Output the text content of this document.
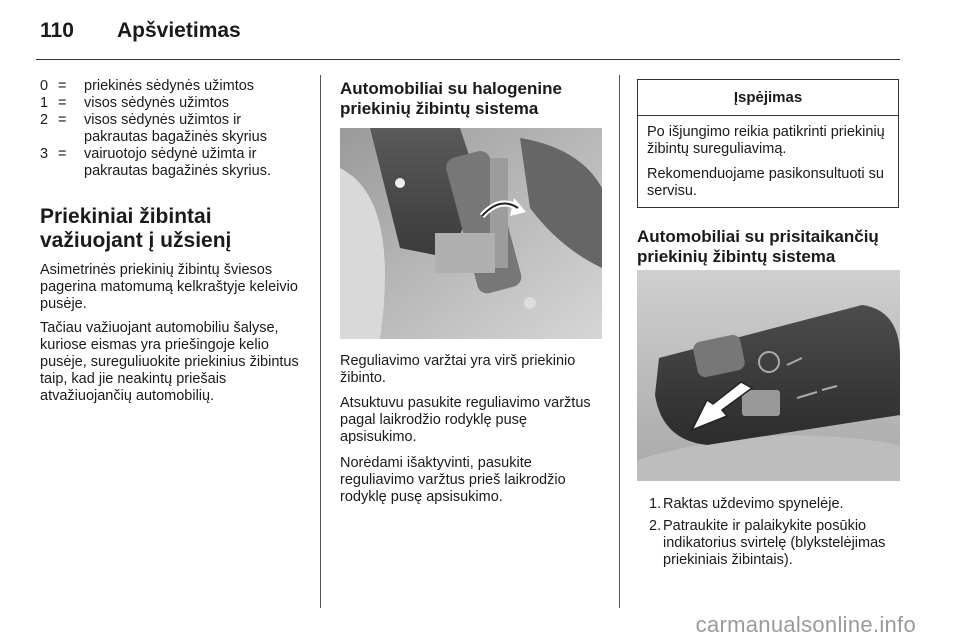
110 Apšvietimas
0 = priekinės sėdynės užimtos
1 = visos sėdynės užimtos
2 = visos sėdynės užimtos ir pakrautas bagažinės skyrius
3 = vairuotojo sėdynė užimta ir pakrautas bagažinės skyrius.
Priekiniai žibintai važiuojant į užsienį

Asimetrinės priekinių žibintų šviesos pagerina matomumą kelkraštyje keleivio pusėje.

Tačiau važiuojant automobiliu šalyse, kuriose eismas yra priešingoje kelio pusėje, sureguliuokite priekinius žibintus taip, kad jie neakintų priešais atvažiuojančių automobilių.

Automobiliai su halogenine priekinių žibintų sistema

Reguliavimo varžtai yra virš priekinio žibinto.

Atsuktuvu pasukite reguliavimo varžtus pagal laikrodžio rodyklę pusę apsisukimo.

Norėdami išaktyvinti, pasukite reguliavimo varžtus prieš laikrodžio rodyklę pusę apsisukimo.

Įspėjimas
Po išjungimo reikia patikrinti priekinių žibintų sureguliavimą.
Rekomenduojame pasikonsultuoti su servisu.
Automobiliai su prisitaikančių priekinių žibintų sistema
1. Raktas uždevimo spynelėje.
2. Patraukite ir palaikykite posūkio indikatorius svirtelę (blykstelėjimas priekiniais žibintais).
carmanualsonline.info
